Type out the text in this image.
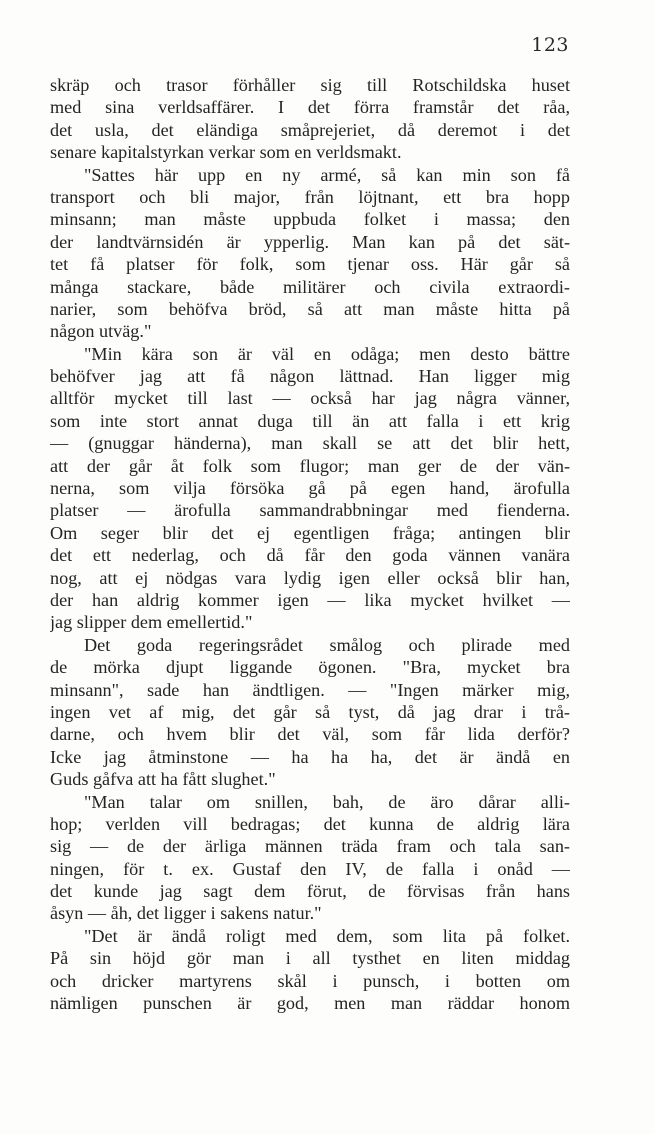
123
skräp och trasor förhåller sig till Rotschildska huset
med sina verldsaffärer. I det förra framstår det råa,
det usla, det eländiga småprejeriet, då deremot i det
senare kapitalstyrkan verkar som en verldsmakt.
"Sattes här upp en ny armé, så kan min son få
transport och bli major, från löjtnant, ett bra hopp
minsann; man måste uppbuda folket i massa; den
der landtvärnsidén är ypperlig. Man kan på det sät-
tet få platser för folk, som tjenar oss. Här går så
många stackare, både militärer och civila extraordi-
narier, som behöfva bröd, så att man måste hitta på
någon utväg."
"Min kära son är väl en odåga; men desto bättre
behöfver jag att få någon lättnad. Han ligger mig
alltför mycket till last — också har jag några vänner,
som inte stort annat duga till än att falla i ett krig
— (gnuggar händerna), man skall se att det blir hett,
att der går åt folk som flugor; man ger de der vän-
nerna, som vilja försöka gå på egen hand, ärofulla
platser — ärofulla sammandrabbningar med fienderna.
Om seger blir det ej egentligen fråga; antingen blir
det ett nederlag, och då får den goda vännen vanära
nog, att ej nödgas vara lydig igen eller också blir han,
der han aldrig kommer igen — lika mycket hvilket —
jag slipper dem emellertid."
Det goda regeringsrådet smålog och plirade med
de mörka djupt liggande ögonen. "Bra, mycket bra
minsann", sade han ändtligen. — "Ingen märker mig,
ingen vet af mig, det går så tyst, då jag drar i trå-
darne, och hvem blir det väl, som får lida derför?
Icke jag åtminstone — ha ha ha, det är ändå en
Guds gåfva att ha fått slughet."
"Man talar om snillen, bah, de äro dårar alli-
hop; verlden vill bedragas; det kunna de aldrig lära
sig — de der ärliga männen träda fram och tala san-
ningen, för t. ex. Gustaf den IV, de falla i onåd —
det kunde jag sagt dem förut, de förvisas från hans
åsyn — åh, det ligger i sakens natur."
"Det är ändå roligt med dem, som lita på folket.
På sin höjd gör man i all tysthet en liten middag
och dricker martyrens skål i punsch, i botten om
nämligen punschen är god, men man räddar honom
